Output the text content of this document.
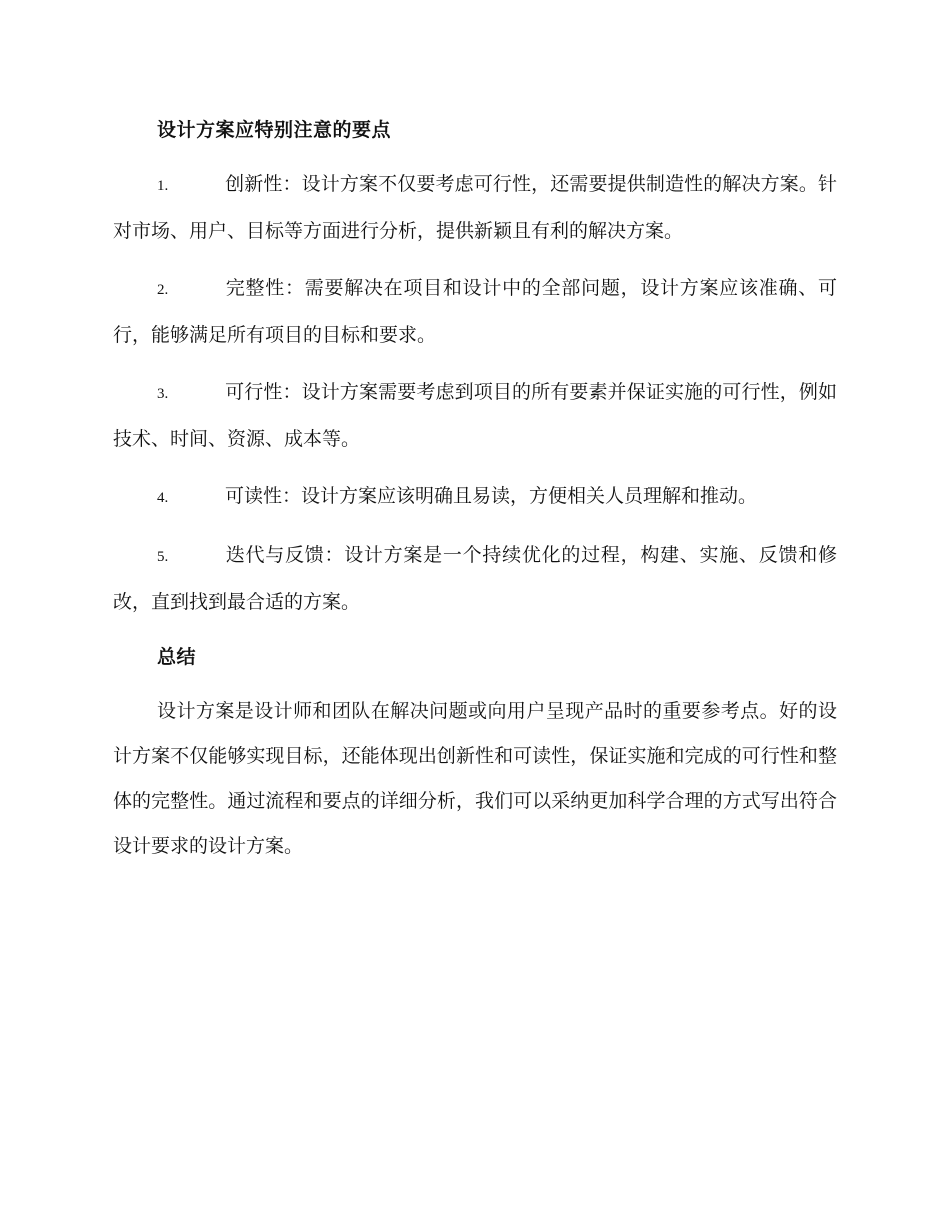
设计方案应特别注意的要点

1.	创新性：设计方案不仅要考虑可行性，还需要提供制造性的解决方案。针对市场、用户、目标等方面进行分析，提供新颖且有利的解决方案。

2.	完整性：需要解决在项目和设计中的全部问题，设计方案应该准确、可行，能够满足所有项目的目标和要求。

3.	可行性：设计方案需要考虑到项目的所有要素并保证实施的可行性，例如技术、时间、资源、成本等。

4.	可读性：设计方案应该明确且易读，方便相关人员理解和推动。

5.	迭代与反馈：设计方案是一个持续优化的过程，构建、实施、反馈和修改，直到找到最合适的方案。

总结

设计方案是设计师和团队在解决问题或向用户呈现产品时的重要参考点。好的设计方案不仅能够实现目标，还能体现出创新性和可读性，保证实施和完成的可行性和整体的完整性。通过流程和要点的详细分析，我们可以采纳更加科学合理的方式写出符合设计要求的设计方案。
